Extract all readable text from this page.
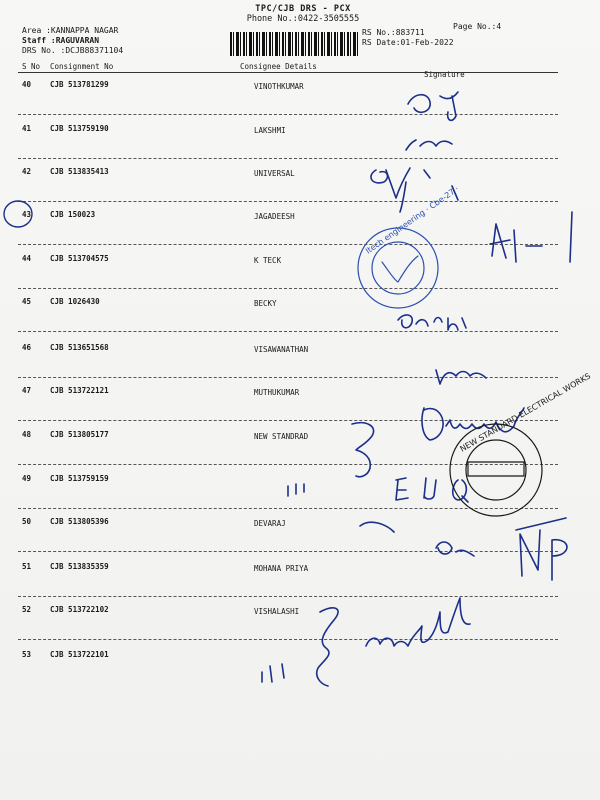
Area :KANNAPPA NAGAR
Staff :RAGUVARAN
DRS No. :DCJB88371104
TPC/CJB DRS - PCX
Phone No.:0422-3505555
RS No.:883711
RS Date:01-Feb-2022
Page No.:4
S No Consignment No	Consignee Details
Signature
40	CJB 513781299	VINOTHKUMAR
41	CJB 513759190	LAKSHMI
42	CJB 513835413	UNIVERSAL
43	CJB 150023	JAGADEESH
44	CJB 513704575	K TECK
45	CJB 1026430	BECKY
46	CJB 513651568	VISAWANATHAN
47	CJB 513722121	MUTHUKUMAR
48	CJB 513805177	NEW STANDRAD
49	CJB 513759159
50	CJB 513805396	DEVARAJ
51	CJB 513835359	MOHANA PRIYA
52	CJB 513722102	VISHALASHI
53	CJB 513722101
Itech engineering · Cbe-27 ·
NEW STANDARD ELECTRICAL WORKS
